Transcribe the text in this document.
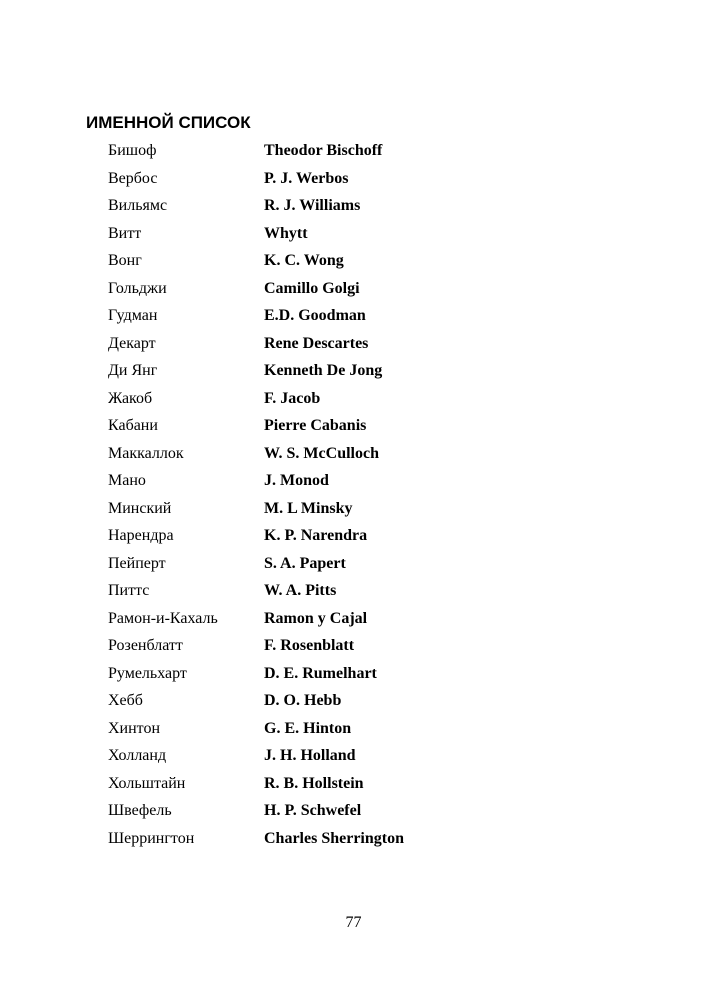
ИМЕННОЙ СПИСОК
Бишоф	Theodor Bischoff
Вербос	P. J. Werbos
Вильямс	R. J. Williams
Витт	Whytt
Вонг	K. C. Wong
Гольджи	Camillo Golgi
Гудман	E.D. Goodman
Декарт	Rene Descartes
Ди Янг	Kenneth De Jong
Жакоб	F. Jacob
Кабани	Pierre Cabanis
Маккаллок	W. S. McCulloch
Мано	J. Monod
Минский	M. L Minsky
Нарендра	K. P. Narendra
Пейперт	S. A. Papert
Питтс	W. A. Pitts
Рамон-и-Кахаль	Ramon y Cajal
Розенблатт	F. Rosenblatt
Румельхарт	D. E. Rumelhart
Хебб	D. O. Hebb
Хинтон	G. E. Hinton
Холланд	J. H. Holland
Хольштайн	R. B. Hollstein
Швефель	H. P. Schwefel
Шеррингтон	Charles Sherrington
77
